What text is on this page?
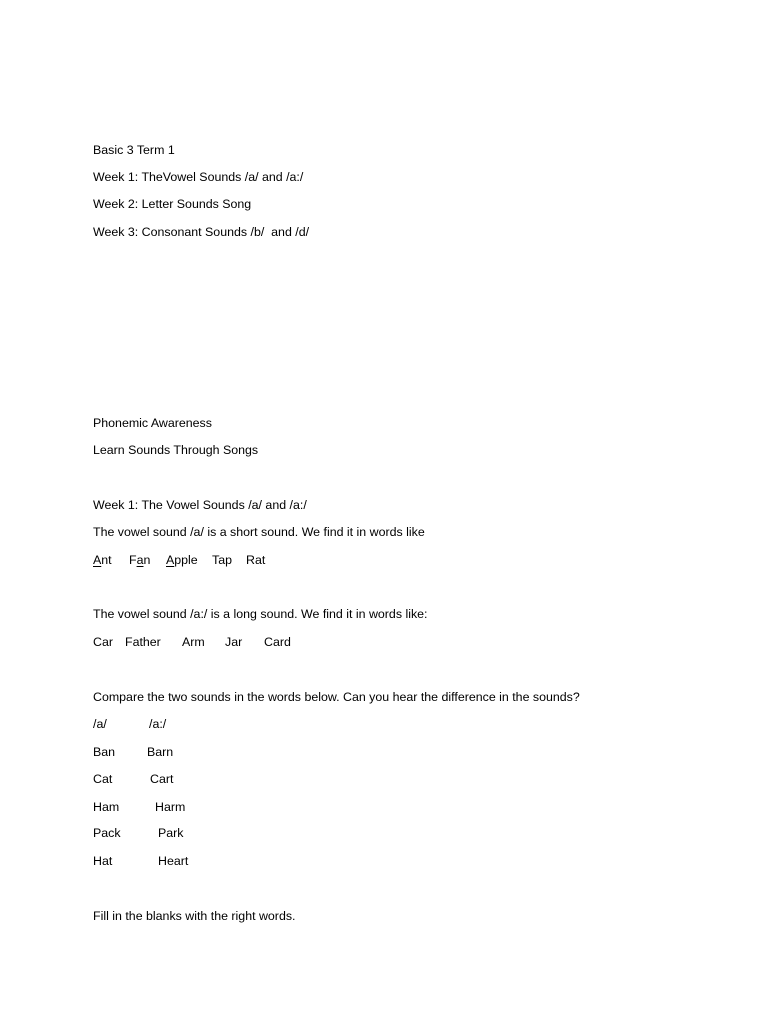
Basic 3 Term 1
Week 1: TheVowel Sounds /a/ and /a:/
Week 2: Letter Sounds Song
Week 3: Consonant Sounds /b/  and /d/
Phonemic Awareness
Learn Sounds Through Songs
Week 1: The Vowel Sounds /a/ and /a:/
The vowel sound /a/ is a short sound. We find it in words like
Ant Fan Apple Tap Rat
The vowel sound /a:/ is a long sound. We find it in words like:
Car Father Arm Jar Card
Compare the two sounds in the words below. Can you hear the difference in the sounds?
/a/	/a:/
Ban	Barn
Cat	Cart
Ham	Harm
Pack	Park
Hat	Heart
Fill in the blanks with the right words.
